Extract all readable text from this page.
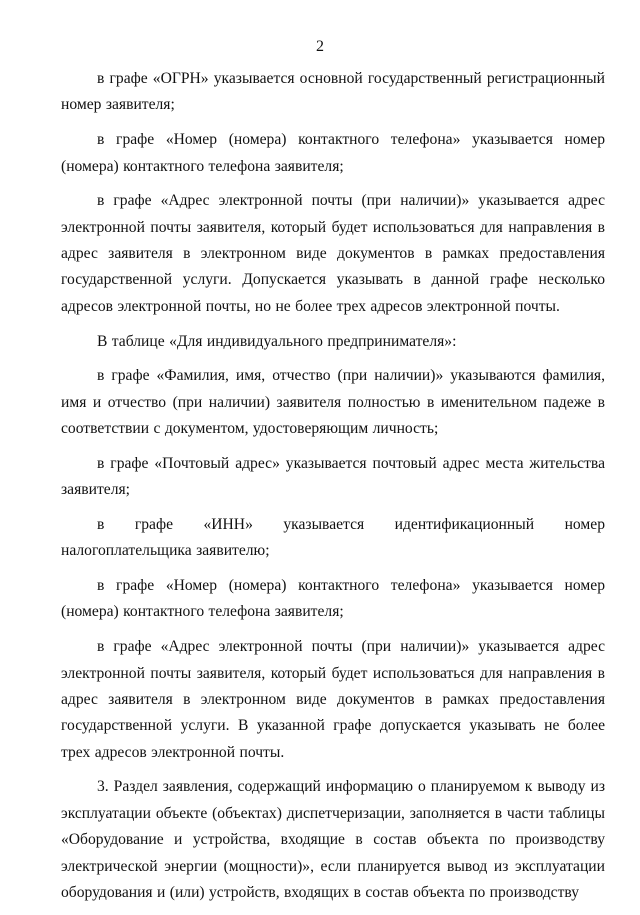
2

в графе «ОГРН» указывается основной государственный регистрационный номер заявителя;

в графе «Номер (номера) контактного телефона» указывается номер (номера) контактного телефона заявителя;

в графе «Адрес электронной почты (при наличии)» указывается адрес электронной почты заявителя, который будет использоваться для направления в адрес заявителя в электронном виде документов в рамках предоставления государственной услуги. Допускается указывать в данной графе несколько адресов электронной почты, но не более трех адресов электронной почты.

В таблице «Для индивидуального предпринимателя»:

в графе «Фамилия, имя, отчество (при наличии)» указываются фамилия, имя и отчество (при наличии) заявителя полностью в именительном падеже в соответствии с документом, удостоверяющим личность;

в графе «Почтовый адрес» указывается почтовый адрес места жительства заявителя;

в графе «ИНН» указывается идентификационный номер налогоплательщика заявителю;

в графе «Номер (номера) контактного телефона» указывается номер (номера) контактного телефона заявителя;

в графе «Адрес электронной почты (при наличии)» указывается адрес электронной почты заявителя, который будет использоваться для направления в адрес заявителя в электронном виде документов в рамках предоставления государственной услуги. В указанной графе допускается указывать не более трех адресов электронной почты.

3. Раздел заявления, содержащий информацию о планируемом к выводу из эксплуатации объекте (объектах) диспетчеризации, заполняется в части таблицы «Оборудование и устройства, входящие в состав объекта по производству электрической энергии (мощности)», если планируется вывод из эксплуатации оборудования и (или) устройств, входящих в состав объекта по производству
